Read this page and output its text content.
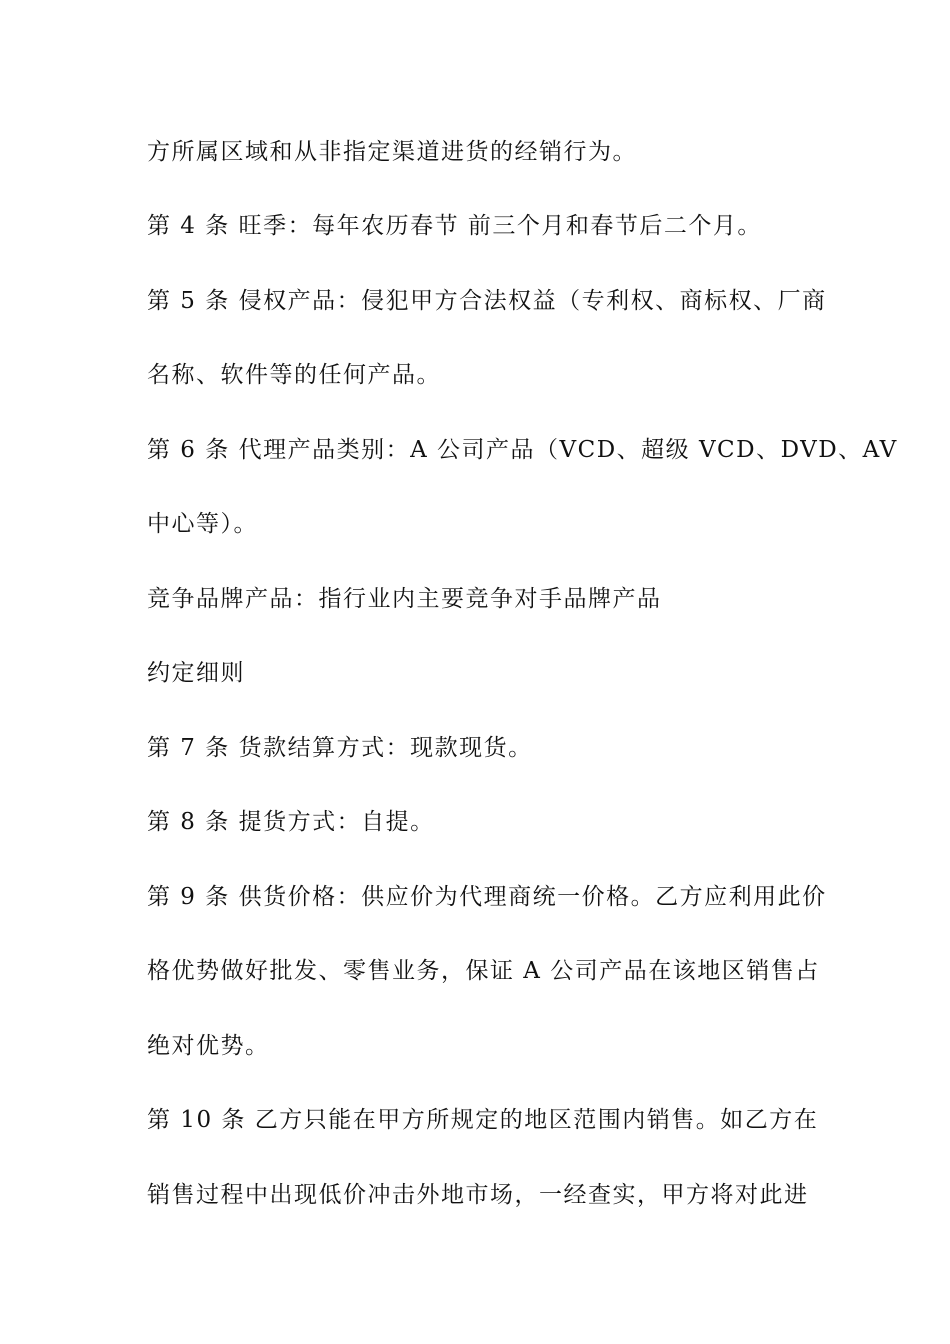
方所属区域和从非指定渠道进货的经销行为。
第 4 条 旺季：每年农历春节 前三个月和春节后二个月。
第 5 条 侵权产品：侵犯甲方合法权益（专利权、商标权、厂商
名称、软件等的任何产品。
第 6 条 代理产品类别：A 公司产品（VCD、超级 VCD、DVD、AV
中心等）。
竞争品牌产品：指行业内主要竞争对手品牌产品
约定细则
第 7 条 货款结算方式：现款现货。
第 8 条 提货方式：自提。
第 9 条 供货价格：供应价为代理商统一价格。乙方应利用此价
格优势做好批发、零售业务，保证 A 公司产品在该地区销售占
绝对优势。
第 10 条 乙方只能在甲方所规定的地区范围内销售。如乙方在
销售过程中出现低价冲击外地市场，一经查实，甲方将对此进
